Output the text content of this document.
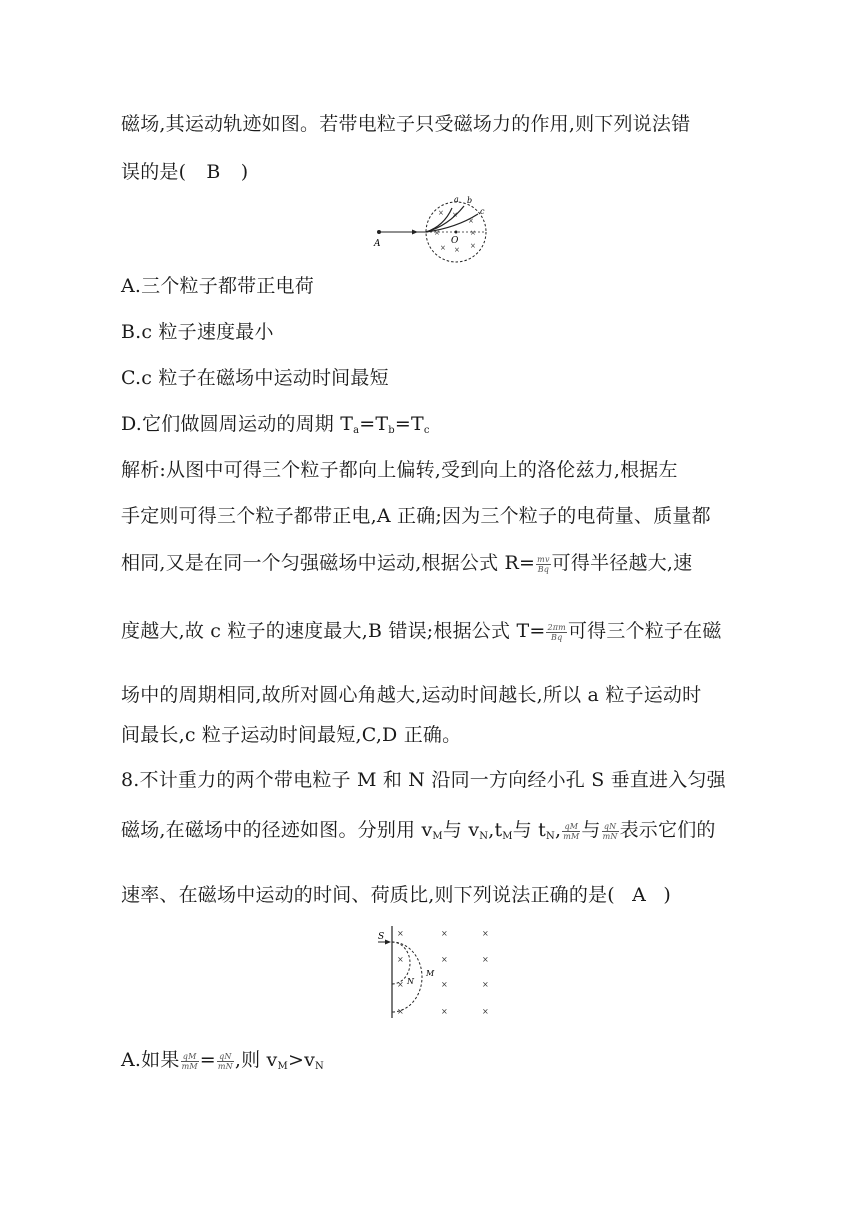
磁场,其运动轨迹如图。若带电粒子只受磁场力的作用,则下列说法错
误的是( B )
A
a b
c
O
× ×
×
×	×
× × ×
A.三个粒子都带正电荷
B.c 粒子速度最小
C.c 粒子在磁场中运动时间最短
D.它们做圆周运动的周期 $T_a=T_b=T_c$
解析:从图中可得三个粒子都向上偏转,受到向上的洛伦兹力,根据左
手定则可得三个粒子都带正电,A 正确;因为三个粒子的电荷量、质量都
相同,又是在同一个匀强磁场中运动,根据公式 $R= \frac{mv}{Bq}$ 可得半径越大,速
度越大,故 c 粒子的速度最大,B 错误;根据公式 $T= \frac{2\pi m}{Bq}$ 可得三个粒子在磁
场中的周期相同,故所对圆心角越大,运动时间越长,所以 a 粒子运动时
间最长,c 粒子运动时间最短,C,D 正确。
8.不计重力的两个带电粒子 M 和 N 沿同一方向经小孔 S 垂直进入匀强
磁场,在磁场中的径迹如图。分别用 $v_M$与 $v_N,t_M$与 $t_N$, $\frac{qM}{mM}$ 与 $\frac{qN}{mN}$ 表示它们的
速率、在磁场中运动的时间、荷质比,则下列说法正确的是( A )
S
M
N
×	×	×
×	×	×
×	×	×
×	×	×
A.如果 $\frac{qM}{mM} = \frac{qN}{mN}$ ,则 $v_M>v_N$
